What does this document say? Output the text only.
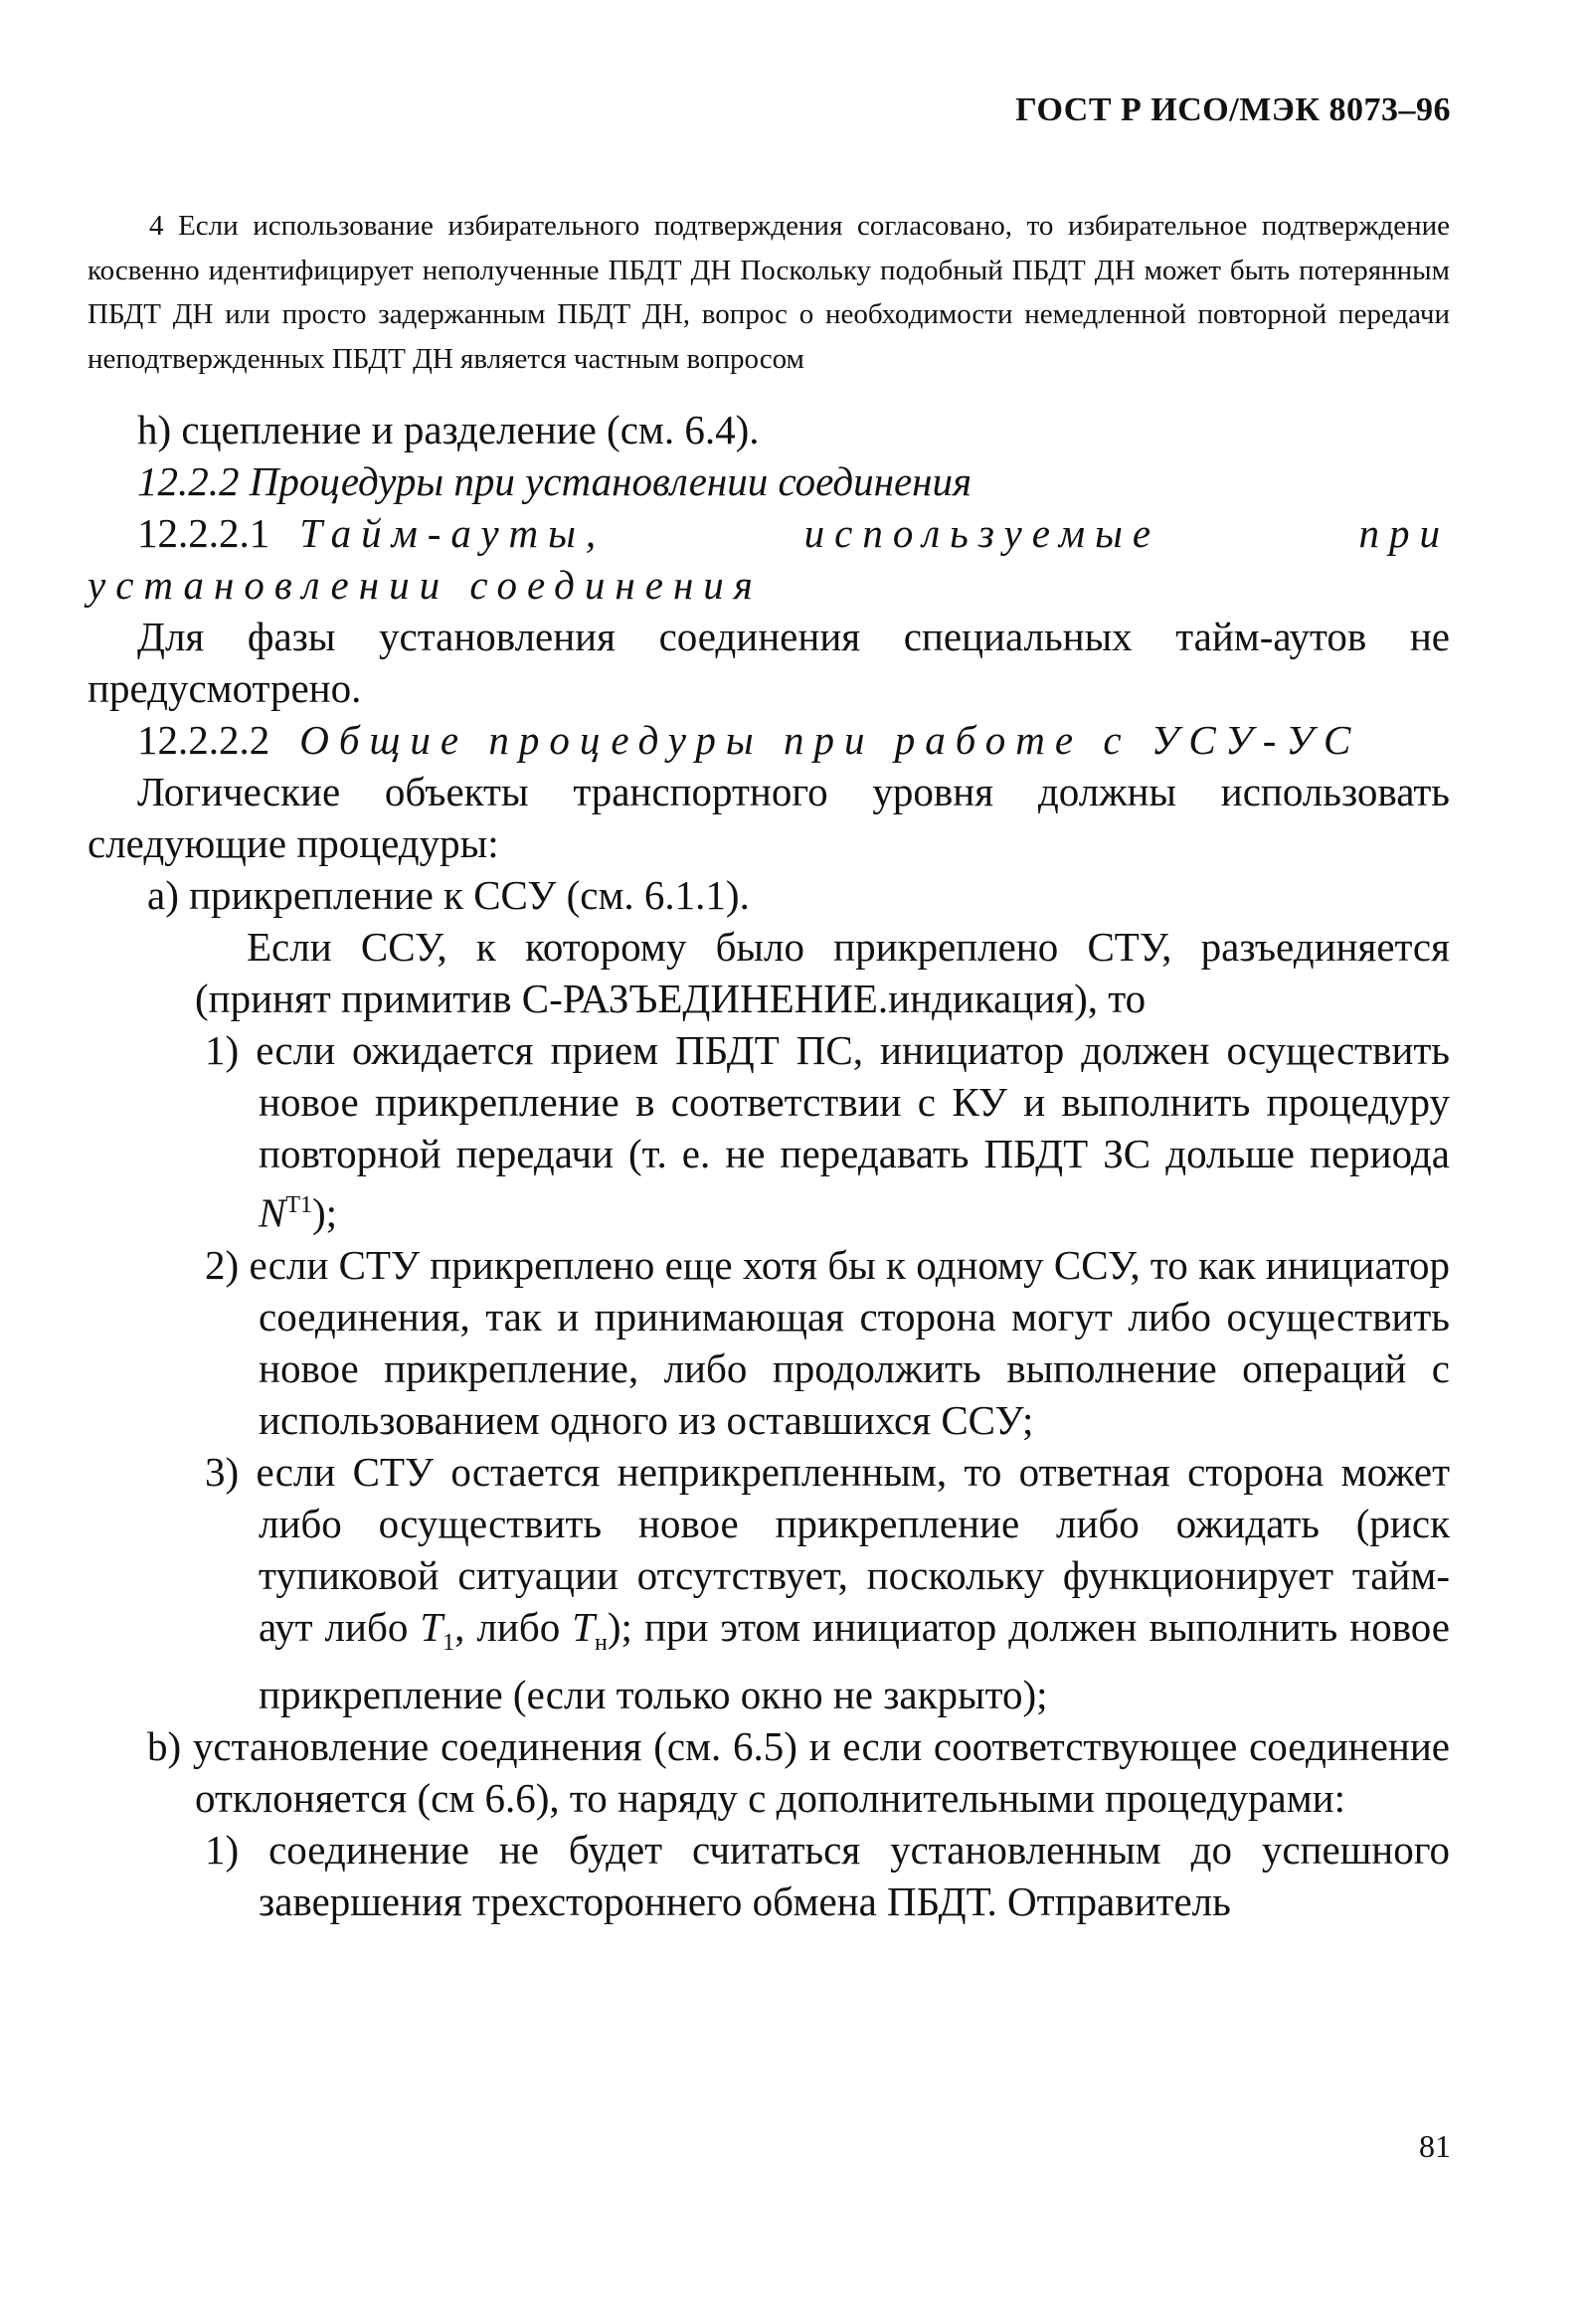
ГОСТ Р ИСО/МЭК 8073–96

4 Если использование избирательного подтверждения согласовано, то избирательное подтверждение косвенно идентифицирует неполученные ПБДТ ДН Поскольку подобный ПБДТ ДН может быть потерянным ПБДТ ДН или просто задержанным ПБДТ ДН, вопрос о необходимости немедленной повторной передачи неподтвержденных ПБДТ ДН является частным вопросом

h) сцепление и разделение (см. 6.4).

12.2.2 Процедуры при установлении соединения

12.2.2.1 Тайм-ауты, используемые при установлении соединения

Для фазы установления соединения специальных тайм-аутов не предусмотрено.

12.2.2.2 Общие процедуры при работе с УСУ-УС

Логические объекты транспортного уровня должны использовать следующие процедуры:

a) прикрепление к ССУ (см. 6.1.1).

Если ССУ, к которому было прикреплено СТУ, разъединяется (принят примитив С-РАЗЪЕДИНЕНИЕ.индикация), то

1) если ожидается прием ПБДТ ПС, инициатор должен осуществить новое прикрепление в соответствии с КУ и выполнить процедуру повторной передачи (т. е. не передавать ПБДТ ЗС дольше периода $N^{T1}$);

2) если СТУ прикреплено еще хотя бы к одному ССУ, то как инициатор соединения, так и принимающая сторона могут либо осуществить новое прикрепление, либо продолжить выполнение операций с использованием одного из оставшихся ССУ;

3) если СТУ остается неприкрепленным, то ответная сторона может либо осуществить новое прикрепление либо ожидать (риск тупиковой ситуации отсутствует, поскольку функционирует тайм-аут либо $T_1$, либо $T_н$); при этом инициатор должен выполнить новое прикрепление (если только окно не закрыто);

b) установление соединения (см. 6.5) и если соответствующее соединение отклоняется (см 6.6), то наряду с дополнительными процедурами:

1) соединение не будет считаться установленным до успешного завершения трехстороннего обмена ПБДТ. Отправитель

81
